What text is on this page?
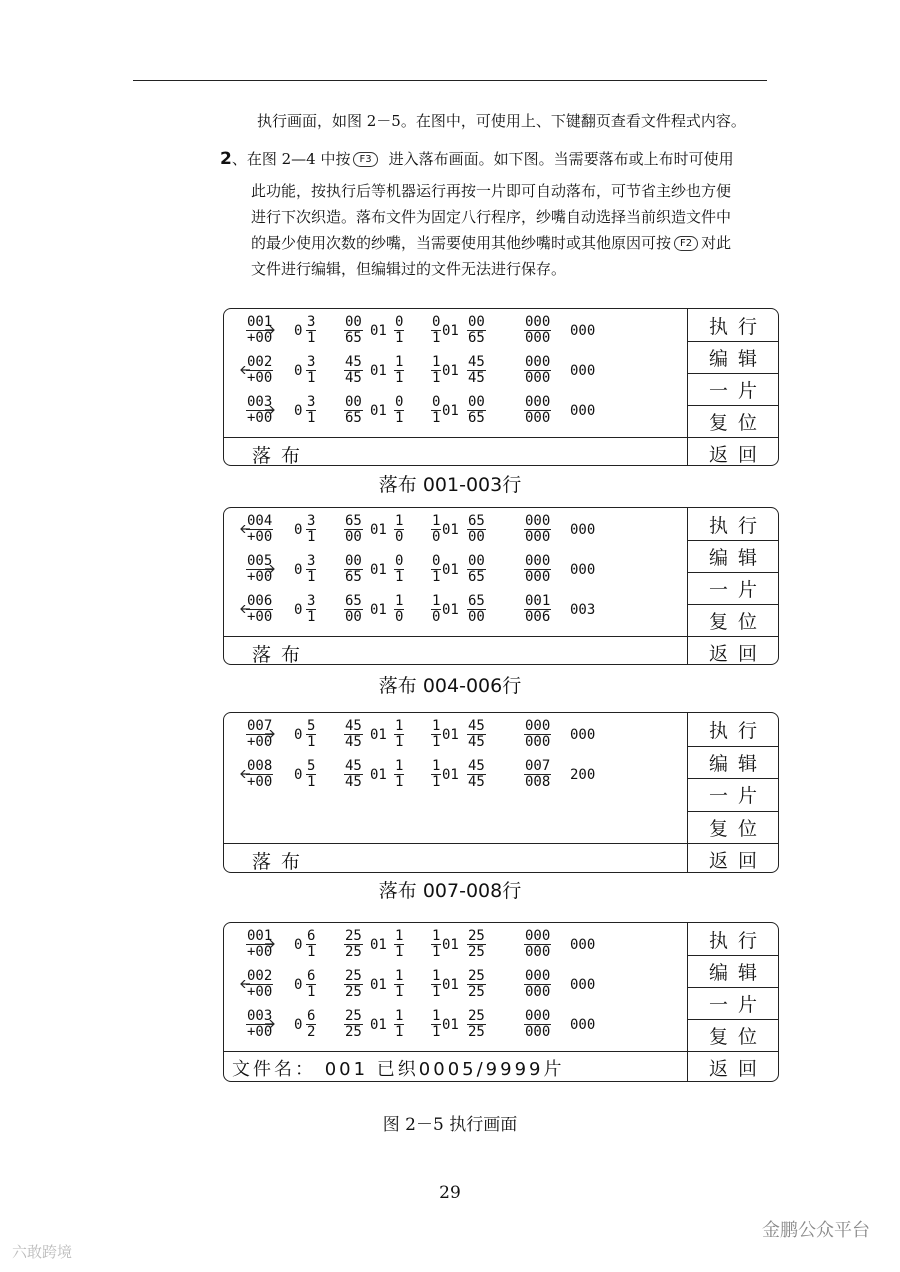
执行画面，如图 2－5。在图中，可使用上、下键翻页查看文件程式内容。
2、在图 2—4 中按 F3 进入落布画面。如下图。当需要落布或上布时可使用
此功能，按执行后等机器运行再按一片即可自动落布，可节省主纱也方便
进行下次织造。落布文件为固定八行程序，纱嘴自动选择当前织造文件中
的最少使用次数的纱嘴，当需要使用其他纱嘴时或其他原因可按 F2 对此
文件进行编辑，但编辑过的文件无法进行保存。
$\frac{001}{+00} 0 \frac{3}{1} \frac{00}{65} 01 \frac{0}{1} \frac{0}{1} 01 \frac{00}{65}$	$\frac{000}{000} 000$
$\frac{002}{+00} 0 \frac{3}{1} \frac{45}{45} 01 \frac{1}{1} \frac{1}{1} 01 \frac{45}{45}$	$\frac{000}{000} 000$
$\frac{003}{+00} 0 \frac{3}{1} \frac{00}{65} 01 \frac{0}{1} \frac{0}{1} 01 \frac{00}{65}$	$\frac{000}{000} 000$
落布
执行
编辑
一片
复位
返回
$\frac{004}{+00} 0 \frac{3}{1} \frac{65}{00} 01 \frac{1}{0} \frac{1}{0} 01 \frac{65}{00}$	$\frac{000}{000} 000$
$\frac{005}{+00} 0 \frac{3}{1} \frac{00}{65} 01 \frac{0}{1} \frac{0}{1} 01 \frac{00}{65}$	$\frac{000}{000} 000$
$\frac{006}{+00} 0 \frac{3}{1} \frac{65}{00} 01 \frac{1}{0} \frac{1}{0} 01 \frac{65}{00}$	$\frac{001}{006} 003$
落布
执行
编辑
一片
复位
返回
$\frac{007}{+00} 0 \frac{5}{1} \frac{45}{45} 01 \frac{1}{1} \frac{1}{1} 01 \frac{45}{45}$	$\frac{000}{000} 000$
$\frac{008}{+00} 0 \frac{5}{1} \frac{45}{45} 01 \frac{1}{1} \frac{1}{1} 01 \frac{45}{45}$	$\frac{007}{008} 200$
落布
执行
编辑
一片
复位
返回
$\frac{001}{+00} 0 \frac{6}{1} \frac{25}{25} 01 \frac{1}{1} \frac{1}{1} 01 \frac{25}{25}$	$\frac{000}{000} 000$
$\frac{002}{+00} 0 \frac{6}{1} \frac{25}{25} 01 \frac{1}{1} \frac{1}{1} 01 \frac{25}{25}$	$\frac{000}{000} 000$
$\frac{003}{+00} 0 \frac{6}{2} \frac{25}{25} 01 \frac{1}{1} \frac{1}{1} 01 \frac{25}{25}$	$\frac{000}{000} 000$
文件名： 001 已织0005/9999片
执行
编辑
一片
复位
返回
落布 001-003行
落布 004-006行
落布 007-008行
图 2－5 执行画面
29
六敢跨境
金鹏公众平台
